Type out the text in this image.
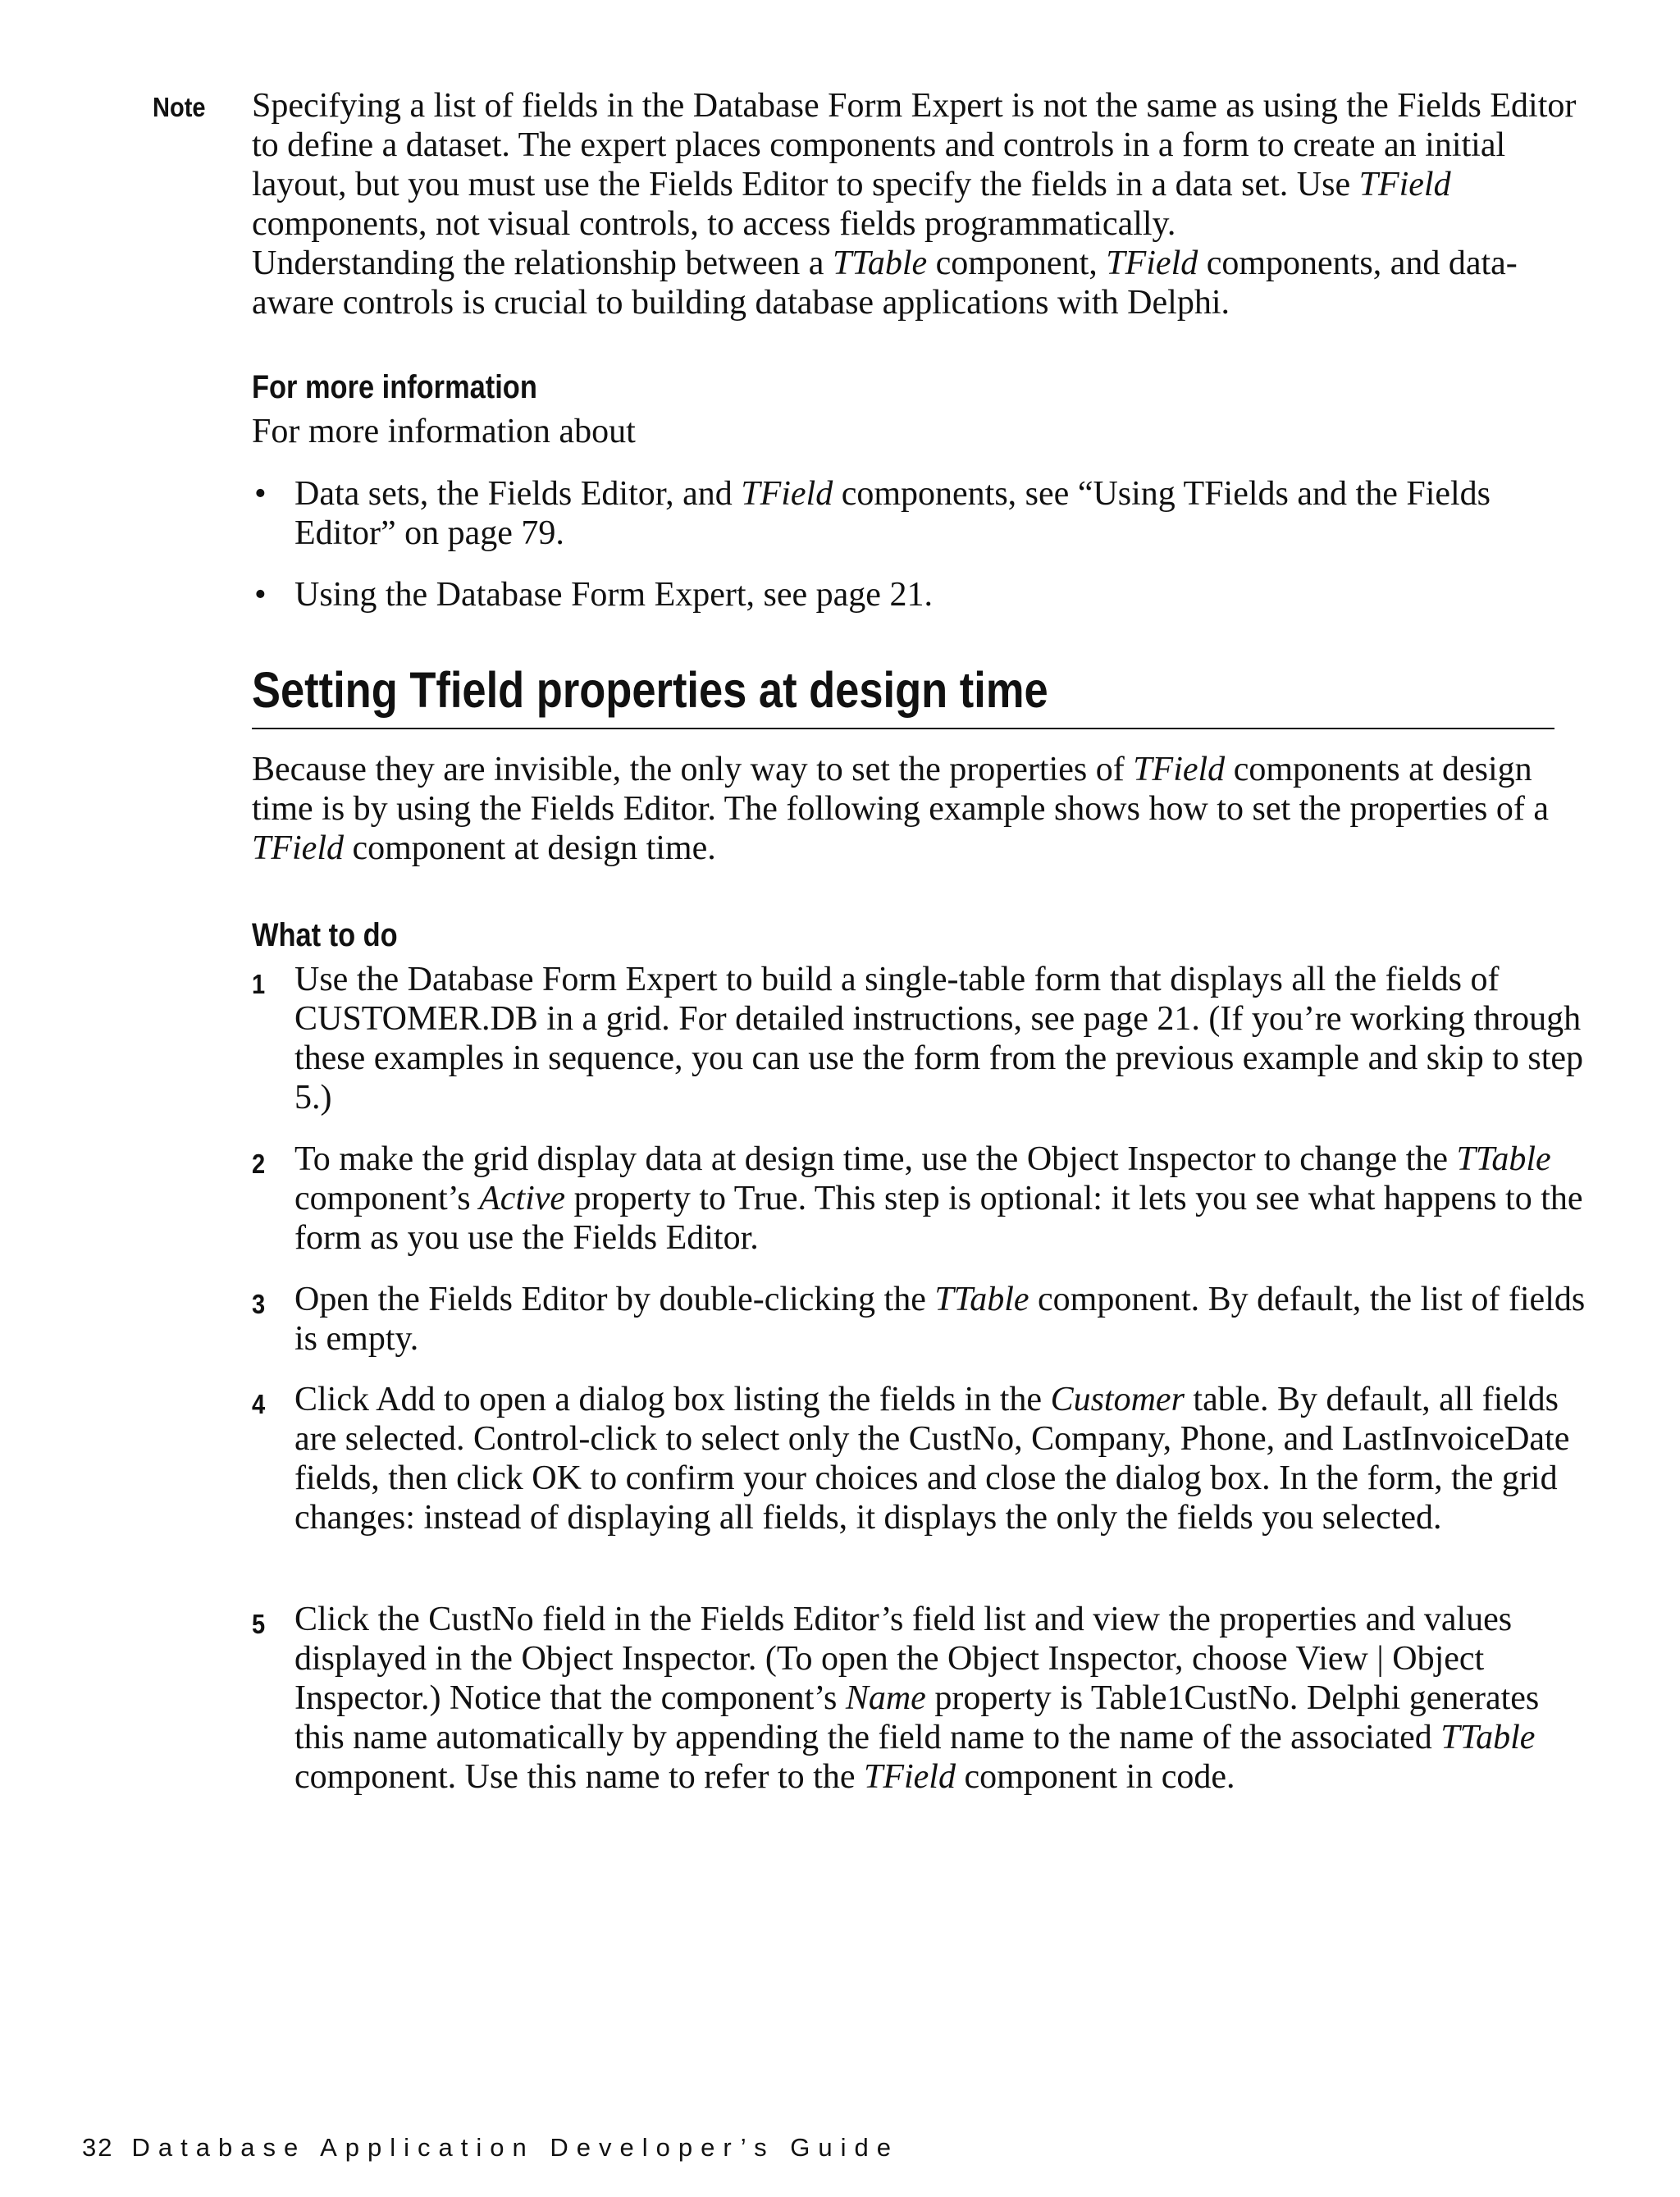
Note Specifying a list of fields in the Database Form Expert is not the same as using the Fields Editor to define a dataset. The expert places components and controls in a form to create an initial layout, but you must use the Fields Editor to specify the fields in a data set. Use TField components, not visual controls, to access fields programmatically.

Understanding the relationship between a TTable component, TField components, and data-aware controls is crucial to building database applications with Delphi.

For more information

For more information about

• Data sets, the Fields Editor, and TField components, see “Using TFields and the Fields Editor” on page 79.
• Using the Database Form Expert, see page 21.
Setting Tfield properties at design time

Because they are invisible, the only way to set the properties of TField components at design time is by using the Fields Editor. The following example shows how to set the properties of a TField component at design time.

What to do
1 Use the Database Form Expert to build a single-table form that displays all the fields of CUSTOMER.DB in a grid. For detailed instructions, see page 21. (If you’re working through these examples in sequence, you can use the form from the previous example and skip to step 5.)
2 To make the grid display data at design time, use the Object Inspector to change the TTable component’s Active property to True. This step is optional: it lets you see what happens to the form as you use the Fields Editor.
3 Open the Fields Editor by double-clicking the TTable component. By default, the list of fields is empty.
4 Click Add to open a dialog box listing the fields in the Customer table. By default, all fields are selected. Control-click to select only the CustNo, Company, Phone, and LastInvoiceDate fields, then click OK to confirm your choices and close the dialog box. In the form, the grid changes: instead of displaying all fields, it displays the only the fields you selected.
5 Click the CustNo field in the Fields Editor’s field list and view the properties and values displayed in the Object Inspector. (To open the Object Inspector, choose View | Object Inspector.) Notice that the component’s Name property is Table1CustNo. Delphi generates this name automatically by appending the field name to the name of the associated TTable component. Use this name to refer to the TField component in code.
32 Database Application Developer’s Guide
